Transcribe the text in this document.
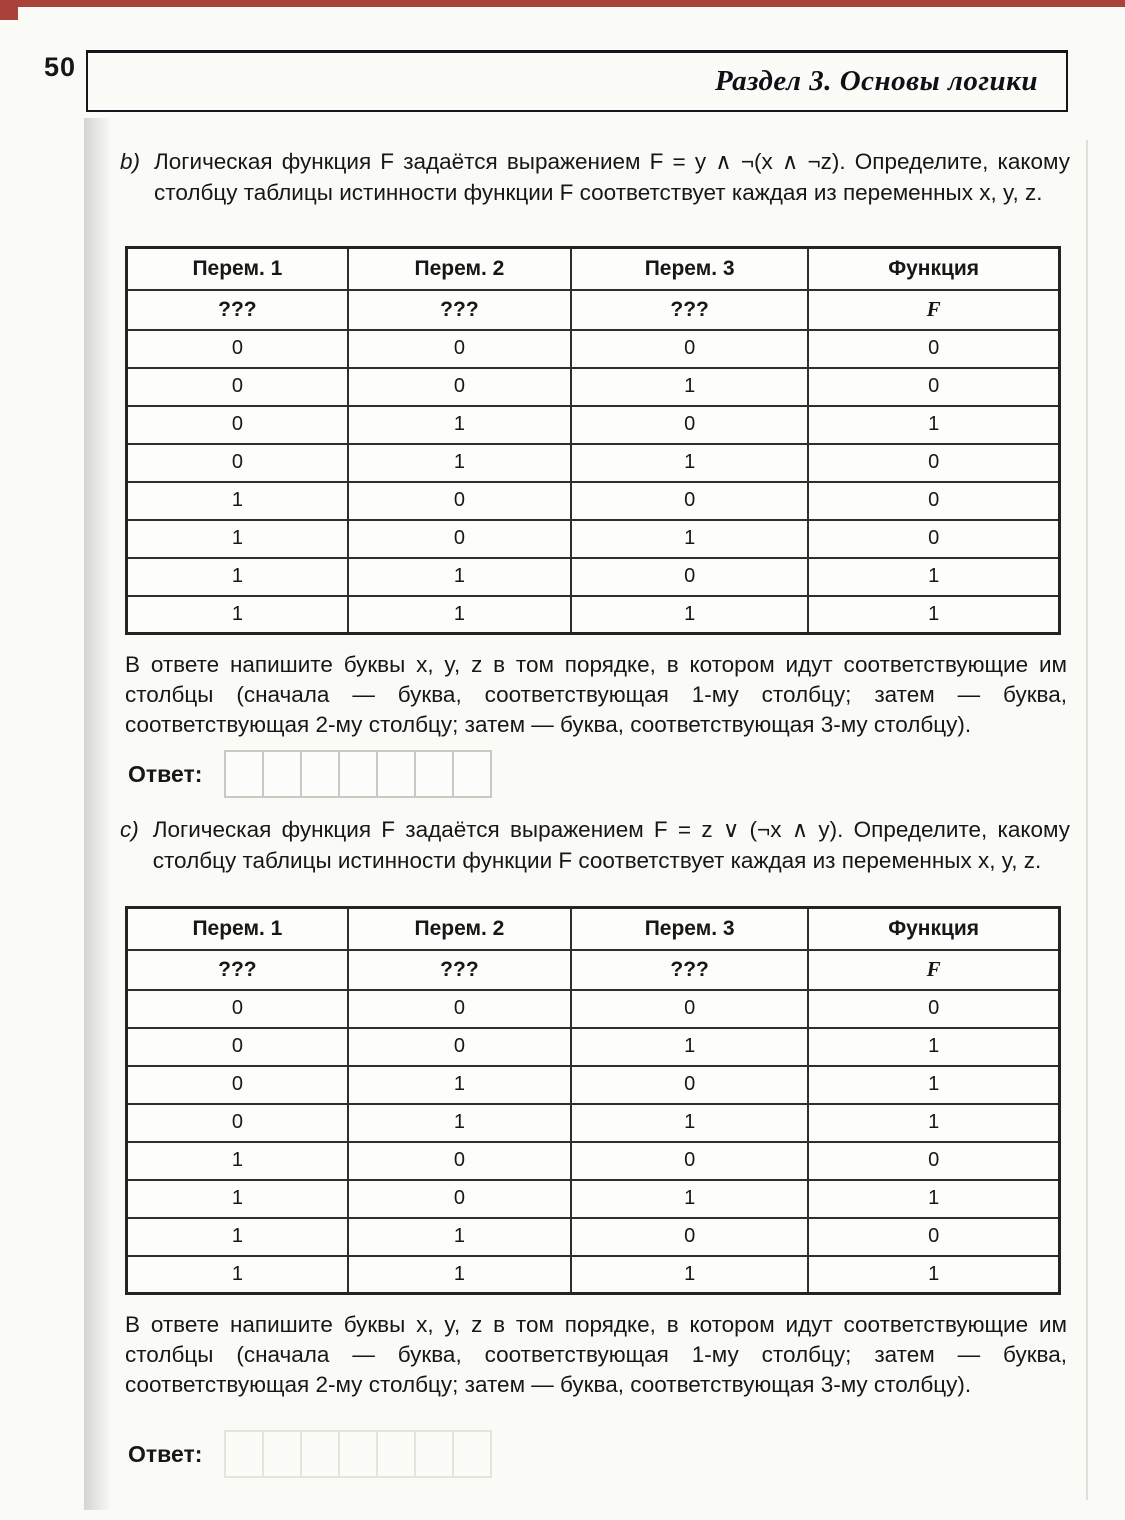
50	Раздел 3. Основы логики
b) Логическая функция F задаётся выражением F = y ∧ ¬(x ∧ ¬z). Определите, какому столбцу таблицы истинности функции F соответствует каждая из переменных x, y, z.

Перем. 1	Перем. 2	Перем. 3	Функция
???	???	???	F
0	0	0	0
0	0	1	0
0	1	0	1
0	1	1	0
1	0	0	0
1	0	1	0
1	1	0	1
1	1	1	1

В ответе напишите буквы x, y, z в том порядке, в котором идут соответствующие им столбцы (сначала — буква, соответствующая 1-му столбцу; затем — буква, соответствующая 2-му столбцу; затем — буква, соответствующая 3-му столбцу).

Ответ:
c) Логическая функция F задаётся выражением F = z ∨ (¬x ∧ y). Определите, какому столбцу таблицы истинности функции F соответствует каждая из переменных x, y, z.

Перем. 1	Перем. 2	Перем. 3	Функция
???	???	???	F
0	0	0	0
0	0	1	1
0	1	0	1
0	1	1	1
1	0	0	0
1	0	1	1
1	1	0	0
1	1	1	1

В ответе напишите буквы x, y, z в том порядке, в котором идут соответствующие им столбцы (сначала — буква, соответствующая 1-му столбцу; затем — буква, соответствующая 2-му столбцу; затем — буква, соответствующая 3-му столбцу).

Ответ:
